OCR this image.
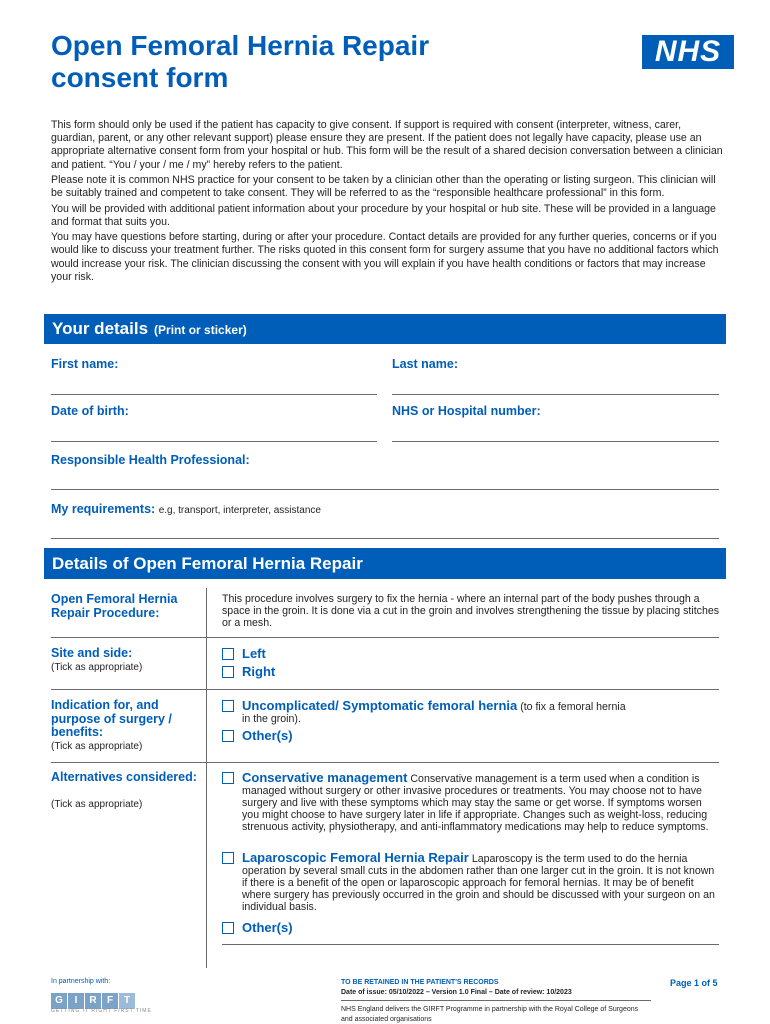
Open Femoral Hernia Repair
consent form
NHS

This form should only be used if the patient has capacity to give consent. If support is required with consent (interpreter, witness, carer, guardian, parent, or any other relevant support) please ensure they are present. If the patient does not legally have capacity, please use an appropriate alternative consent form from your hospital or hub. This form will be the result of a shared decision conversation between a clinician and patient. “You / your / me / my” hereby refers to the patient.

Please note it is common NHS practice for your consent to be taken by a clinician other than the operating or listing surgeon. This clinician will be suitably trained and competent to take consent. They will be referred to as the “responsible healthcare professional” in this form.

You will be provided with additional patient information about your procedure by your hospital or hub site. These will be provided in a language and format that suits you.

You may have questions before starting, during or after your procedure. Contact details are provided for any further queries, concerns or if you would like to discuss your treatment further. The risks quoted in this consent form for surgery assume that you have no additional factors which would increase your risk. The clinician discussing the consent with you will explain if you have health conditions or factors that may increase your risk.

Your details (Print or sticker)
First name:	Last name:
Date of birth:	NHS or Hospital number:
Responsible Health Professional:
My requirements: e.g, transport, interpreter, assistance
Details of Open Femoral Hernia Repair
Open Femoral Hernia Repair Procedure:
This procedure involves surgery to fix the hernia - where an internal part of the body pushes through a space in the groin. It is done via a cut in the groin and involves strengthening the tissue by placing stitches or a mesh.
Site and side:
(Tick as appropriate)
Left
Right
Indication for, and purpose of surgery / benefits:
(Tick as appropriate)
Uncomplicated/ Symptomatic femoral hernia (to fix a femoral hernia
in the groin).
Other(s)
Alternatives considered:
(Tick as appropriate)
Conservative management Conservative management is a term used when a condition is managed without surgery or other invasive procedures or treatments. You may choose not to have surgery and live with these symptoms which may stay the same or get worse. If symptoms worsen you might choose to have surgery later in life if appropriate. Changes such as weight-loss, reducing strenuous activity, physiotherapy, and anti-inflammatory medications may help to reduce symptoms.
Laparoscopic Femoral Hernia Repair Laparoscopy is the term used to do the hernia operation by several small cuts in the abdomen rather than one larger cut in the groin. It is not known if there is a benefit of the open or laparoscopic approach for femoral hernias. It may be of benefit where surgery has previously occurred in the groin and should be discussed with your surgeon on an individual basis.
Other(s)
In partnership with:
G I R F T
GETTING IT RIGHT FIRST TIME
TO BE RETAINED IN THE PATIENT'S RECORDS
Date of issue: 05/10/2022 – Version 1.0 Final – Date of review: 10/2023
NHS England delivers the GIRFT Programme in partnership with the Royal College of Surgeons and associated organisations
Page 1 of 5
